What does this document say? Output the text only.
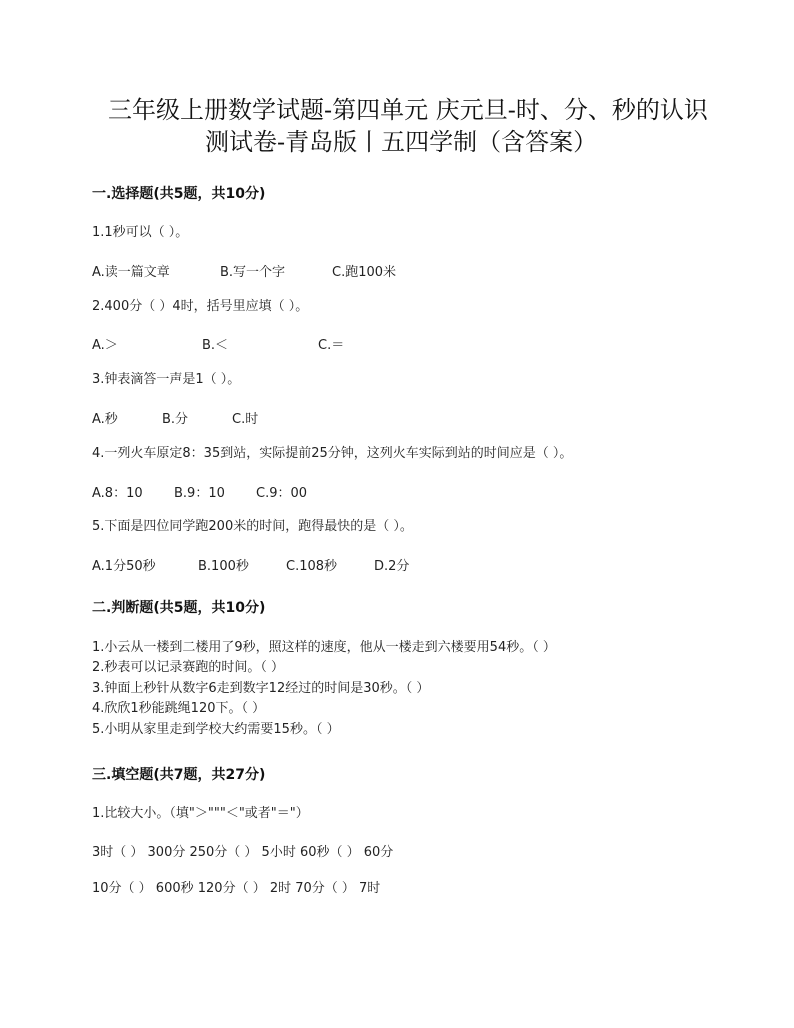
三年级上册数学试题-第四单元 庆元旦-时、分、秒的认识
测试卷-青岛版丨五四学制（含答案）
一.选择题(共5题，共10分)
1.1秒可以（ ）。
A.读一篇文章	B.写一个字	C.跑100米
2.400分（ ）4时，括号里应填（ ）。
A.＞	B.＜	C.＝
3.钟表滴答一声是1（ ）。
A.秒	B.分	C.时
4.一列火车原定8：35到站，实际提前25分钟，这列火车实际到站的时间应是（ ）。
A.8：10 B.9：10 C.9：00
5.下面是四位同学跑200米的时间，跑得最快的是（ ）。
A.1分50秒	B.100秒	C.108秒	D.2分
二.判断题(共5题，共10分)
1.小云从一楼到二楼用了9秒，照这样的速度，他从一楼走到六楼要用54秒。（ ）
2.秒表可以记录赛跑的时间。（ ）
3.钟面上秒针从数字6走到数字12经过的时间是30秒。（ ）
4.欣欣1秒能跳绳120下。（ ）
5.小明从家里走到学校大约需要15秒。（ ）
三.填空题(共7题，共27分)
1.比较大小。（填"＞"""＜"或者"＝"）
3时（ ） 300分 250分（ ） 5小时 60秒（ ） 60分
10分（ ） 600秒 120分（ ） 2时 70分（ ） 7时
